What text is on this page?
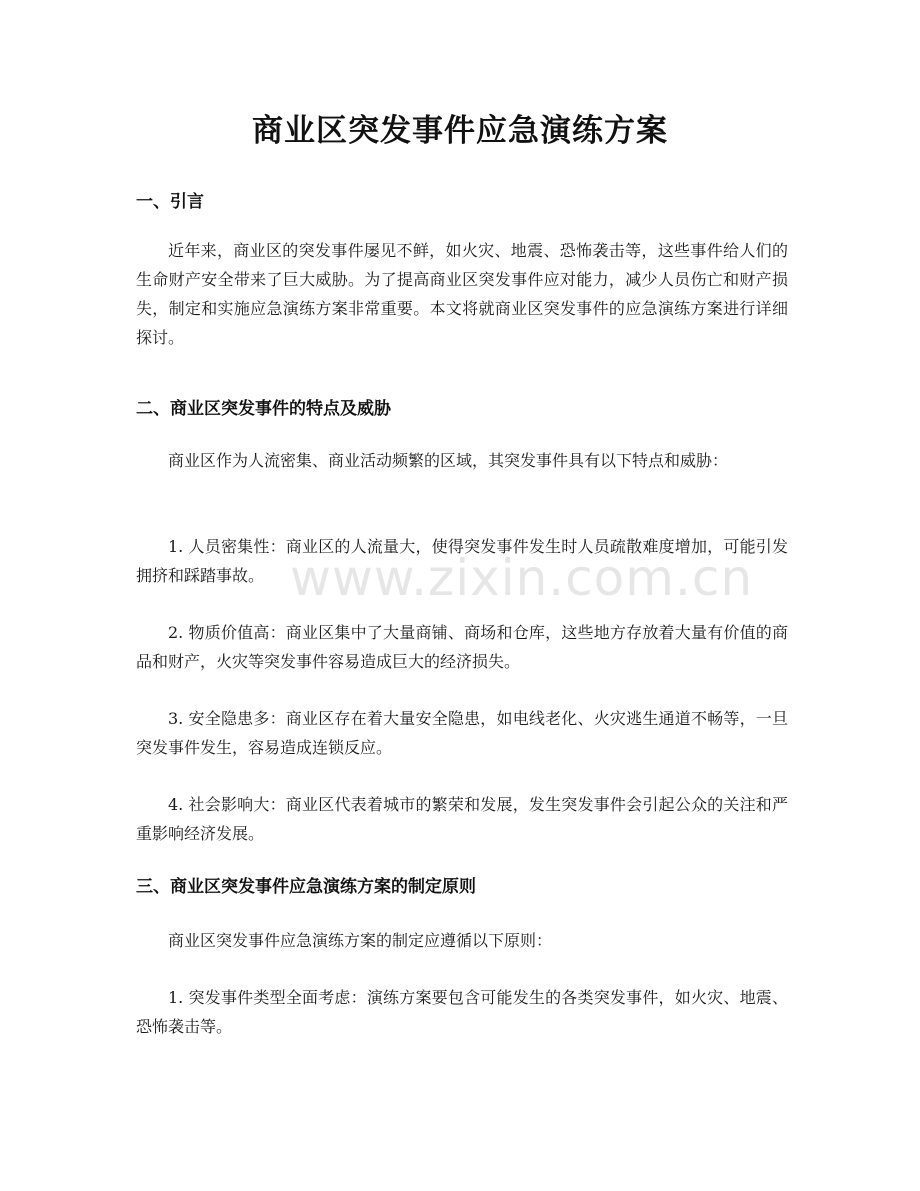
商业区突发事件应急演练方案
一、引言
近年来，商业区的突发事件屡见不鲜，如火灾、地震、恐怖袭击等，这些事件给人们的生命财产安全带来了巨大威胁。为了提高商业区突发事件应对能力，减少人员伤亡和财产损失，制定和实施应急演练方案非常重要。本文将就商业区突发事件的应急演练方案进行详细探讨。
二、商业区突发事件的特点及威胁
商业区作为人流密集、商业活动频繁的区域，其突发事件具有以下特点和威胁：
1. 人员密集性：商业区的人流量大，使得突发事件发生时人员疏散难度增加，可能引发拥挤和踩踏事故。
2. 物质价值高：商业区集中了大量商铺、商场和仓库，这些地方存放着大量有价值的商品和财产，火灾等突发事件容易造成巨大的经济损失。
3. 安全隐患多：商业区存在着大量安全隐患，如电线老化、火灾逃生通道不畅等，一旦突发事件发生，容易造成连锁反应。
4. 社会影响大：商业区代表着城市的繁荣和发展，发生突发事件会引起公众的关注和严重影响经济发展。
三、商业区突发事件应急演练方案的制定原则
商业区突发事件应急演练方案的制定应遵循以下原则：
1. 突发事件类型全面考虑：演练方案要包含可能发生的各类突发事件，如火灾、地震、恐怖袭击等。
www.zixin.com.cn
